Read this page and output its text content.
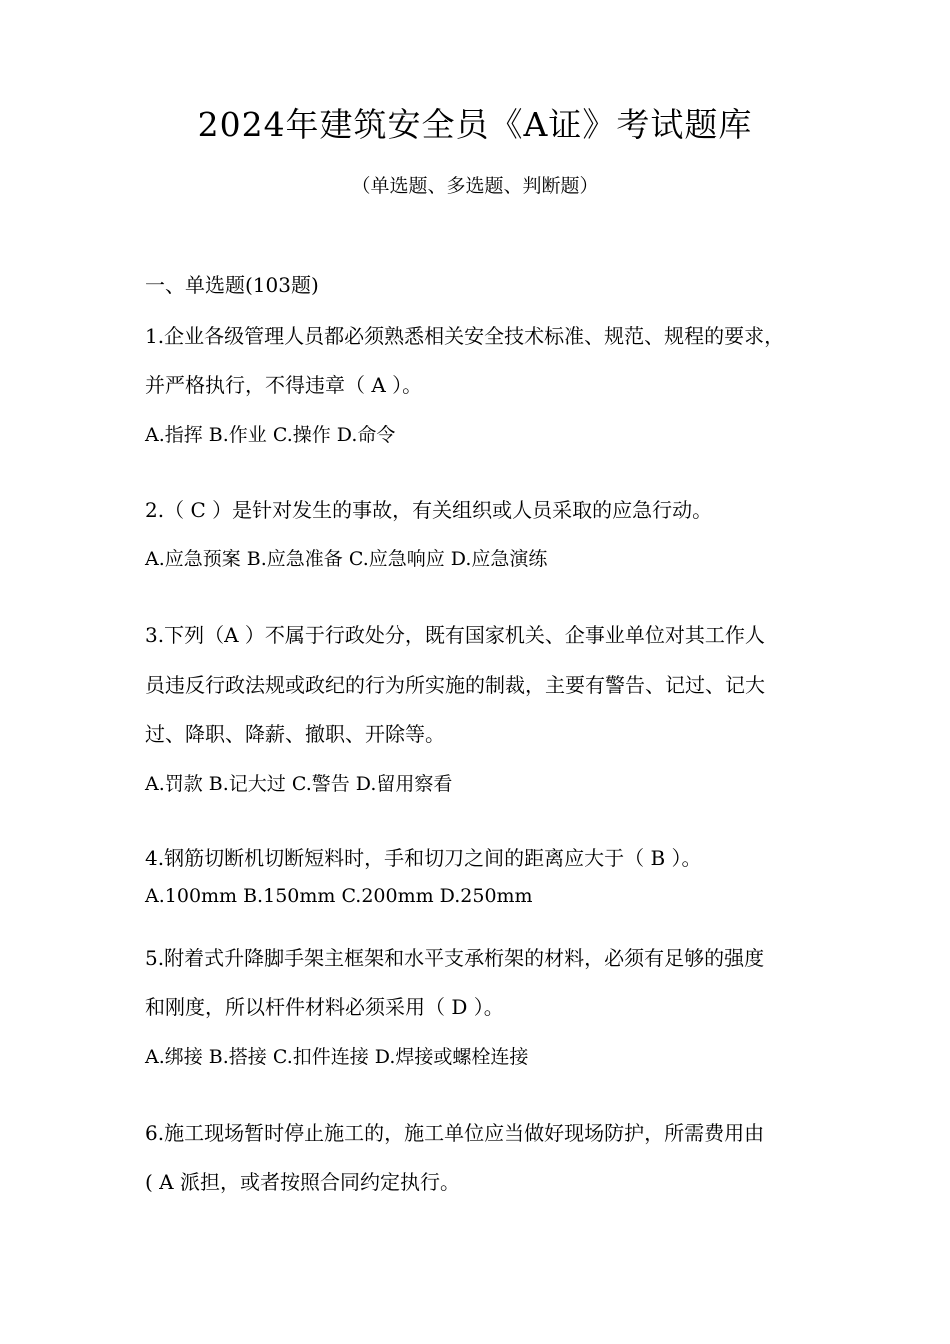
2024年建筑安全员《A证》考试题库
（单选题、多选题、判断题）
一、单选题(103题)
1.企业各级管理人员都必须熟悉相关安全技术标准、规范、规程的要求，
并严格执行，不得违章（ A ）。
A.指挥 B.作业 C.操作 D.命令
2.（ C ）是针对发生的事故，有关组织或人员采取的应急行动。
A.应急预案 B.应急准备 C.应急响应 D.应急演练
3.下列（A ）不属于行政处分，既有国家机关、企事业单位对其工作人
员违反行政法规或政纪的行为所实施的制裁，主要有警告、记过、记大
过、降职、降薪、撤职、开除等。
A.罚款 B.记大过 C.警告 D.留用察看
4.钢筋切断机切断短料时，手和切刀之间的距离应大于（ B ）。
A.100mm B.150mm C.200mm D.250mm
5.附着式升降脚手架主框架和水平支承桁架的材料，必须有足够的强度
和刚度，所以杆件材料必须采用（ D ）。
A.绑接 B.搭接 C.扣件连接 D.焊接或螺栓连接
6.施工现场暂时停止施工的，施工单位应当做好现场防护，所需费用由
( A 派担，或者按照合同约定执行。
